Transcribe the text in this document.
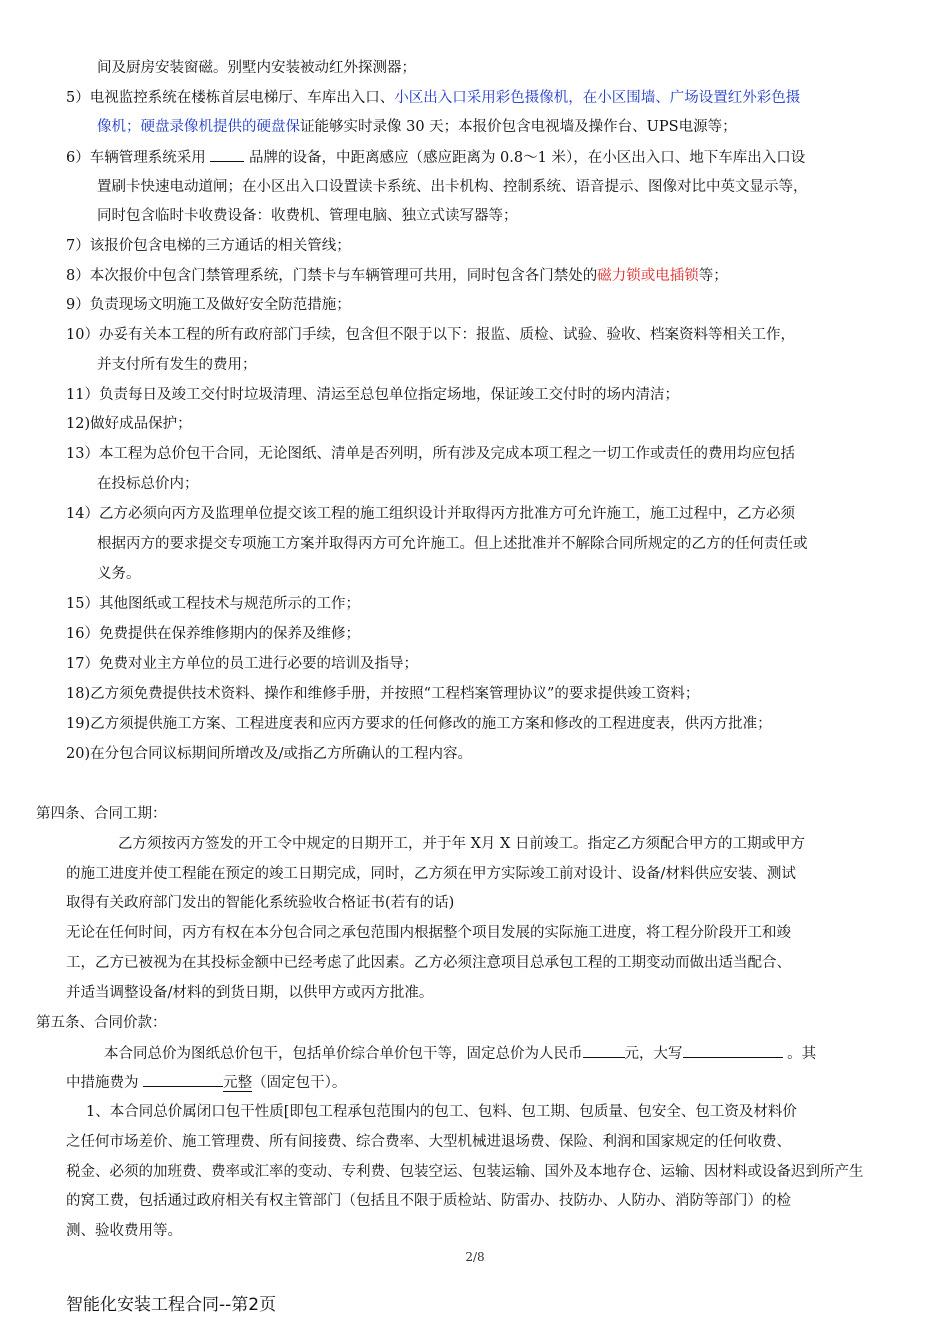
间及厨房安装窗磁。别墅内安装被动红外探测器；
5）电视监控系统在楼栋首层电梯厅、车库出入口、小区出入口采用彩色摄像机，在小区围墙、广场设置红外彩色摄
像机；硬盘录像机提供的硬盘保证能够实时录像 30 天；本报价包含电视墙及操作台、UPS电源等；
6）车辆管理系统采用  品牌的设备，中距离感应（感应距离为 0.8～1 米），在小区出入口、地下车库出入口设
置刷卡快速电动道闸；在小区出入口设置读卡系统、出卡机构、控制系统、语音提示、图像对比中英文显示等，
同时包含临时卡收费设备：收费机、管理电脑、独立式读写器等；
7）该报价包含电梯的三方通话的相关管线；
8）本次报价中包含门禁管理系统，门禁卡与车辆管理可共用，同时包含各门禁处的磁力锁或电插锁等；
9）负责现场文明施工及做好安全防范措施；
10）办妥有关本工程的所有政府部门手续，包含但不限于以下：报监、质检、试验、验收、档案资料等相关工作，
并支付所有发生的费用；
11）负责每日及竣工交付时垃圾清理、清运至总包单位指定场地，保证竣工交付时的场内清洁；
12)做好成品保护；
13）本工程为总价包干合同，无论图纸、清单是否列明，所有涉及完成本项工程之一切工作或责任的费用均应包括
在投标总价内；
14）乙方必须向丙方及监理单位提交该工程的施工组织设计并取得丙方批准方可允许施工，施工过程中，乙方必须
根据丙方的要求提交专项施工方案并取得丙方可允许施工。但上述批准并不解除合同所规定的乙方的任何责任或
义务。
15）其他图纸或工程技术与规范所示的工作；
16）免费提供在保养维修期内的保养及维修；
17）免费对业主方单位的员工进行必要的培训及指导；
18)乙方须免费提供技术资料、操作和维修手册，并按照“工程档案管理协议”的要求提供竣工资料；
19)乙方须提供施工方案、工程进度表和应丙方要求的任何修改的施工方案和修改的工程进度表，供丙方批准；
20)在分包合同议标期间所增改及/或指乙方所确认的工程内容。
第四条、合同工期：
乙方须按丙方签发的开工令中规定的日期开工，并于年 X月 X 日前竣工。指定乙方须配合甲方的工期或甲方
的施工进度并使工程能在预定的竣工日期完成，同时，乙方须在甲方实际竣工前对设计、设备/材料供应安装、测试
取得有关政府部门发出的智能化系统验收合格证书(若有的话)
无论在任何时间，丙方有权在本分包合同之承包范围内根据整个项目发展的实际施工进度，将工程分阶段开工和竣
工，乙方已被视为在其投标金额中已经考虑了此因素。乙方必须注意项目总承包工程的工期变动而做出适当配合、
并适当调整设备/材料的到货日期，以供甲方或丙方批准。
第五条、合同价款：
本合同总价为图纸总价包干，包括单价综合单价包干等，固定总价为人民币	元，大写	。其
中措施费为	元整（固定包干）。
1、本合同总价属闭口包干性质[即包工程承包范围内的包工、包料、包工期、包质量、包安全、包工资及材料价
之任何市场差价、施工管理费、所有间接费、综合费率、大型机械进退场费、保险、利润和国家规定的任何收费、
税金、必须的加班费、费率或汇率的变动、专利费、包装空运、包装运输、国外及本地存仓、运输、因材料或设备迟到所产生
的窝工费，包括通过政府相关有权主管部门（包括且不限于质检站、防雷办、技防办、人防办、消防等部门）的检
测、验收费用等。
2/8
智能化安装工程合同--第2页
